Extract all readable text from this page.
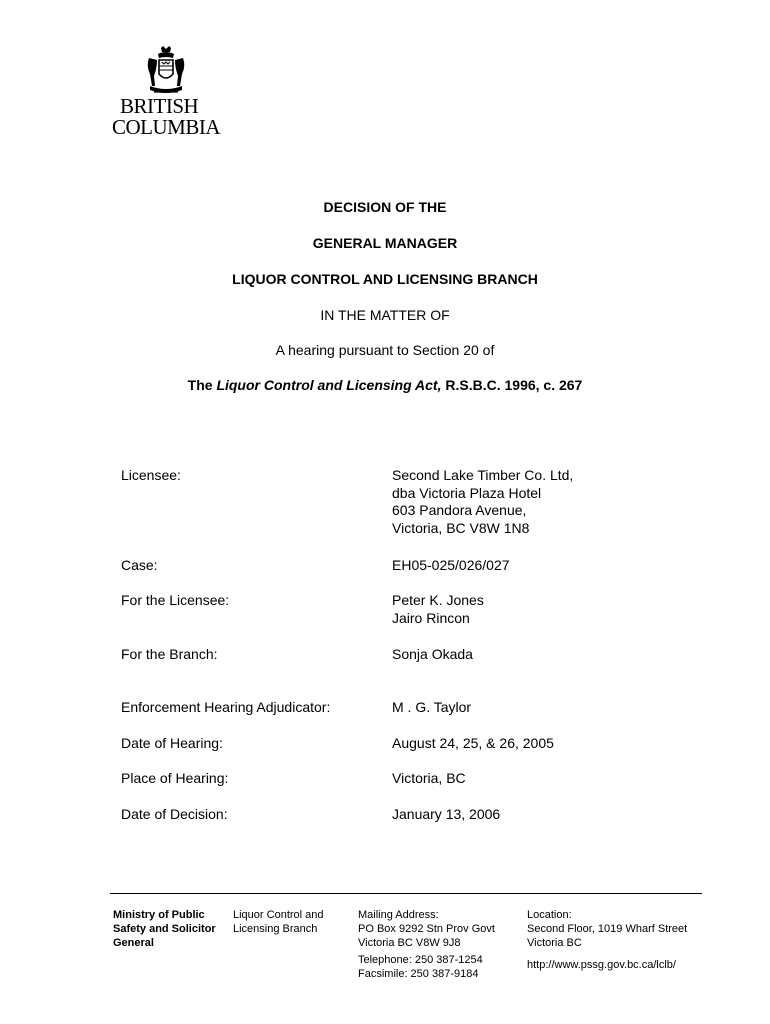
BRITISH
COLUMBIA
DECISION OF THE
GENERAL MANAGER
LIQUOR CONTROL AND LICENSING BRANCH
IN THE MATTER OF
A hearing pursuant to Section 20 of
The Liquor Control and Licensing Act, R.S.B.C. 1996, c. 267
Licensee:	Second Lake Timber Co. Ltd,
dba Victoria Plaza Hotel
603 Pandora Avenue,
Victoria, BC V8W 1N8
Case:	EH05-025/026/027
For the Licensee:	Peter K. Jones
Jairo Rincon
For the Branch:	Sonja Okada
Enforcement Hearing Adjudicator:	M . G. Taylor
Date of Hearing:	August 24, 25, & 26, 2005
Place of Hearing:	Victoria, BC
Date of Decision:	January 13, 2006
Ministry of Public
Safety and Solicitor
General
Liquor Control and
Licensing Branch
Mailing Address:
PO Box 9292 Stn Prov Govt
Victoria BC V8W 9J8
Telephone: 250 387-1254
Facsimile: 250 387-9184
Location:
Second Floor, 1019 Wharf Street
Victoria BC
http://www.pssg.gov.bc.ca/lclb/
